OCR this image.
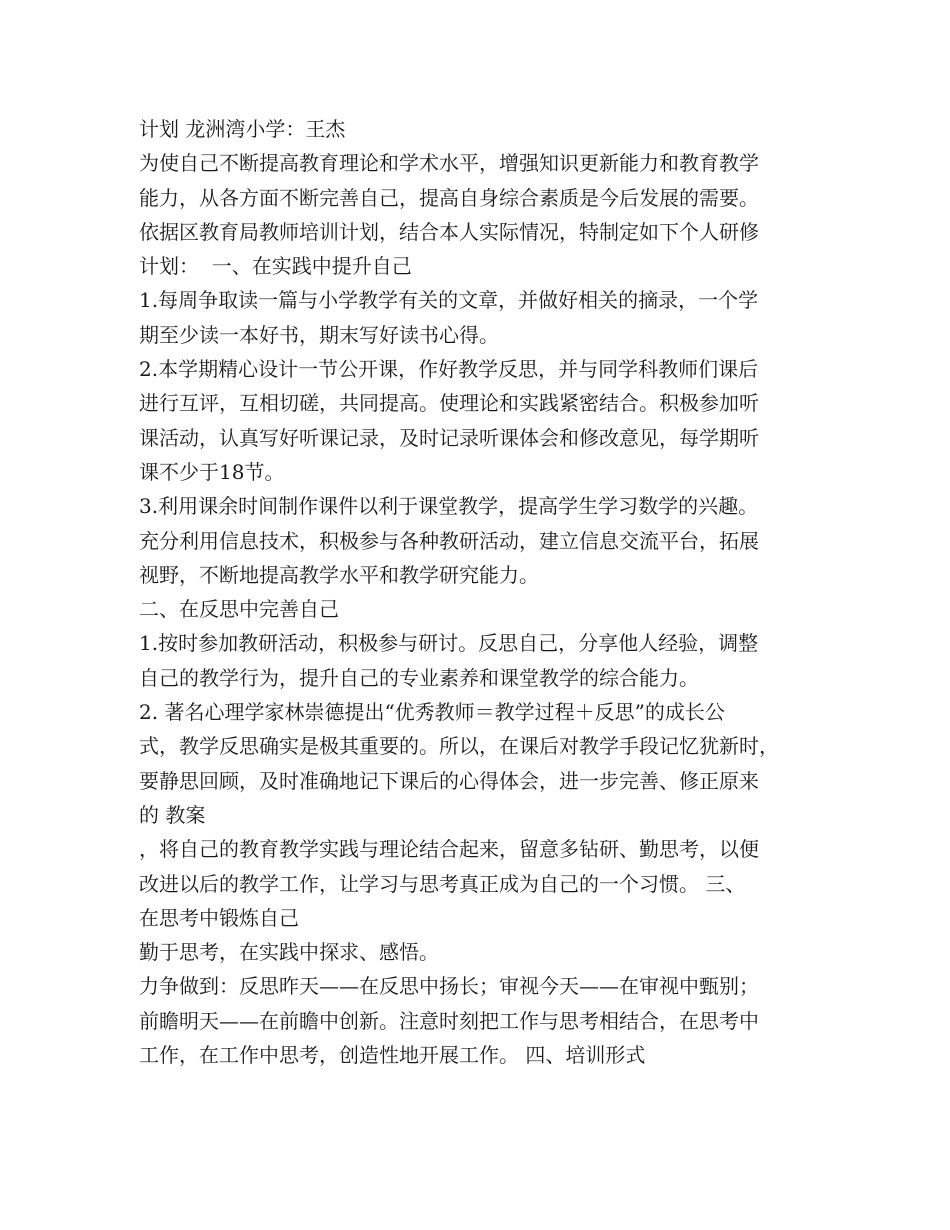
计划 龙洲湾小学：王杰
为使自己不断提高教育理论和学术水平，增强知识更新能力和教育教学
能力，从各方面不断完善自己，提高自身综合素质是今后发展的需要。
依据区教育局教师培训计划，结合本人实际情况，特制定如下个人研修
计划：  一、在实践中提升自己
1.每周争取读一篇与小学教学有关的文章，并做好相关的摘录，一个学
期至少读一本好书，期末写好读书心得。
2.本学期精心设计一节公开课，作好教学反思，并与同学科教师们课后
进行互评，互相切磋，共同提高。使理论和实践紧密结合。积极参加听
课活动，认真写好听课记录，及时记录听课体会和修改意见，每学期听
课不少于18节。
3.利用课余时间制作课件以利于课堂教学，提高学生学习数学的兴趣。
充分利用信息技术，积极参与各种教研活动，建立信息交流平台，拓展
视野，不断地提高教学水平和教学研究能力。
二、在反思中完善自己
1.按时参加教研活动，积极参与研讨。反思自己，分享他人经验，调整
自己的教学行为，提升自己的专业素养和课堂教学的综合能力。
2. 著名心理学家林崇德提出“优秀教师＝教学过程＋反思”的成长公
式，教学反思确实是极其重要的。所以，在课后对教学手段记忆犹新时，
要静思回顾，及时准确地记下课后的心得体会，进一步完善、修正原来
的 教案
，将自己的教育教学实践与理论结合起来，留意多钻研、勤思考，以便
改进以后的教学工作，让学习与思考真正成为自己的一个习惯。 三、
在思考中锻炼自己
勤于思考，在实践中探求、感悟。
力争做到：反思昨天——在反思中扬长；审视今天——在审视中甄别；
前瞻明天——在前瞻中创新。注意时刻把工作与思考相结合，在思考中
工作，在工作中思考，创造性地开展工作。 四、培训形式
